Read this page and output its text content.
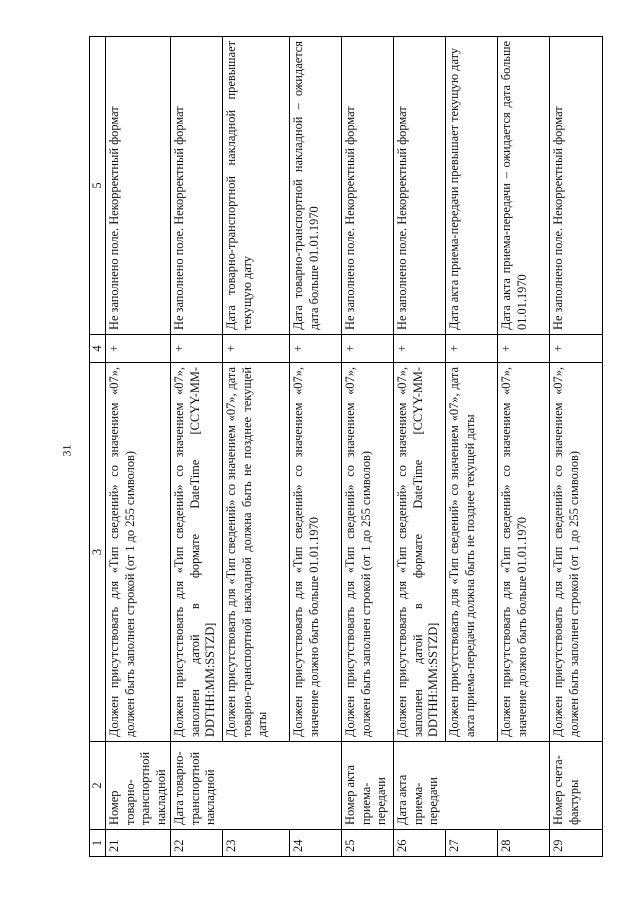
31
1	2	3	4	5
21	Номер товарно-транспортной накладной	Должен присутствовать для «Тип сведений» со значением «07», должен быть заполнен строкой (от 1 до 255 символов)	+	Не заполнено поле. Некорректный формат
22	Дата товарно-транспортной накладной	Должен присутствовать для «Тип сведений» со значением «07», заполнен датой в формате DateTime [CCYY-MM-DDTHH:MM:SSTZD]	+	Не заполнено поле. Некорректный формат
23		Должен присутствовать для «Тип сведений» со значением «07», дата товарно-транспортной накладной должна быть не позднее текущей даты	+	Дата товарно-транспортной накладной превышает текущую дату
24		Должен присутствовать для «Тип сведений» со значением «07», значение должно быть больше 01.01.1970	+	Дата товарно-транспортной накладной – ожидается дата больше 01.01.1970
25	Номер акта приема-передачи	Должен присутствовать для «Тип сведений» со значением «07», должен быть заполнен строкой (от 1 до 255 символов)	+	Не заполнено поле. Некорректный формат
26	Дата акта приема-передачи	Должен присутствовать для «Тип сведений» со значением «07», заполнен датой в формате DateTime [CCYY-MM-DDTHH:MM:SSTZD]	+	Не заполнено поле. Некорректный формат
27		Должен присутствовать для «Тип сведений» со значением «07», дата акта приема-передачи должна быть не позднее текущей даты	+	Дата акта приема-передачи превышает текущую дату
28		Должен присутствовать для «Тип сведений» со значением «07», значение должно быть больше 01.01.1970	+	Дата акта приема-передачи – ожидается дата больше 01.01.1970
29	Номер счета-фактуры	Должен присутствовать для «Тип сведений» со значением «07», должен быть заполнен строкой (от 1 до 255 символов)	+	Не заполнено поле. Некорректный формат
